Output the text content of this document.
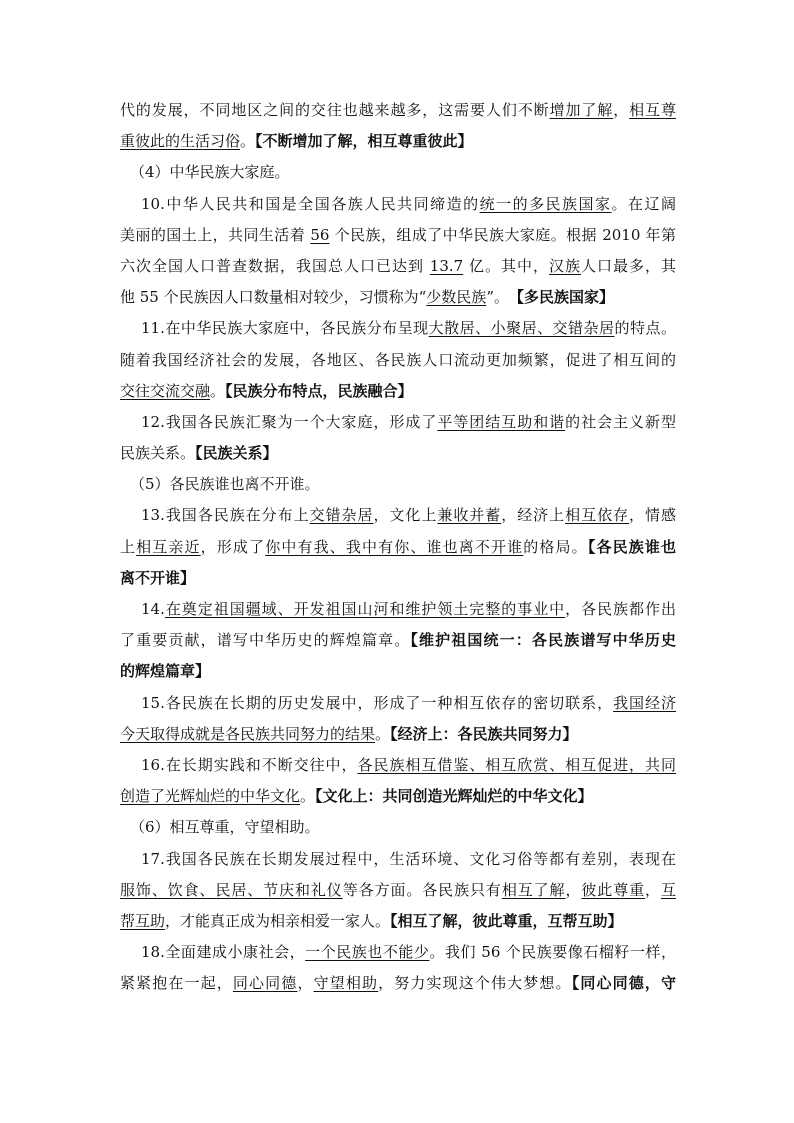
代的发展，不同地区之间的交往也越来越多，这需要人们不断增加了解，相互尊
重彼此的生活习俗。【不断增加了解，相互尊重彼此】
（4）中华民族大家庭。
10.中华人民共和国是全国各族人民共同缔造的统一的多民族国家。在辽阔
美丽的国土上，共同生活着 56 个民族，组成了中华民族大家庭。根据 2010 年第
六次全国人口普查数据，我国总人口已达到 13.7 亿。其中，汉族人口最多，其
他 55 个民族因人口数量相对较少，习惯称为“少数民族”。　【多民族国家】
11.在中华民族大家庭中，各民族分布呈现大散居、小聚居、交错杂居的特点。
随着我国经济社会的发展，各地区、各民族人口流动更加频繁，促进了相互间的
交往交流交融。【民族分布特点，民族融合】
12.我国各民族汇聚为一个大家庭，形成了平等团结互助和谐的社会主义新型
民族关系。【民族关系】
（5）各民族谁也离不开谁。
13.我国各民族在分布上交错杂居，文化上兼收并蓄，经济上相互依存，情感
上相互亲近，形成了你中有我、我中有你、谁也离不开谁的格局。【各民族谁也
离不开谁】
14.在奠定祖国疆域、开发祖国山河和维护领土完整的事业中，各民族都作出
了重要贡献，谱写中华历史的辉煌篇章。【维护祖国统一：各民族谱写中华历史
的辉煌篇章】
15.各民族在长期的历史发展中，形成了一种相互依存的密切联系，我国经济
今天取得成就是各民族共同努力的结果。【经济上：各民族共同努力】
16.在长期实践和不断交往中，各民族相互借鉴、相互欣赏、相互促进，共同
创造了光辉灿烂的中华文化。【文化上：共同创造光辉灿烂的中华文化】
（6）相互尊重，守望相助。
17.我国各民族在长期发展过程中，生活环境、文化习俗等都有差别，表现在
服饰、饮食、民居、节庆和礼仪等各方面。各民族只有相互了解，彼此尊重，互
帮互助，才能真正成为相亲相爱一家人。【相互了解，彼此尊重，互帮互助】
18.全面建成小康社会，一个民族也不能少。我们 56 个民族要像石榴籽一样，
紧紧抱在一起，同心同德，守望相助，努力实现这个伟大梦想。【同心同德，守
